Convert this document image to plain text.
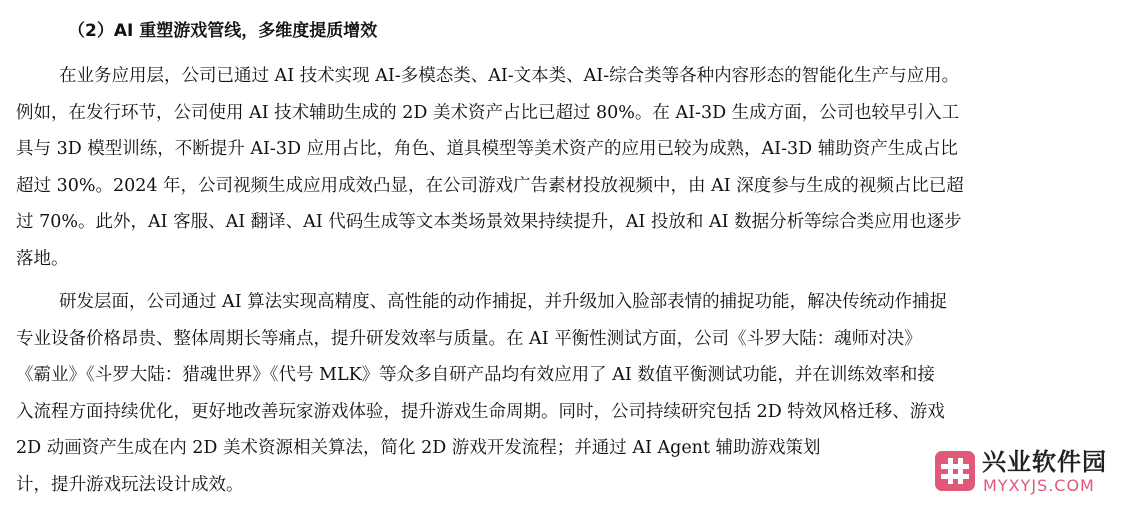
（2）AI 重塑游戏管线，多维度提质增效
在业务应用层，公司已通过 AI 技术实现 AI-多模态类、AI-文本类、AI-综合类等各种内容形态的智能化生产与应用。
例如，在发行环节，公司使用 AI 技术辅助生成的 2D 美术资产占比已超过 80%。在 AI-3D 生成方面，公司也较早引入工
具与 3D 模型训练，不断提升 AI-3D 应用占比，角色、道具模型等美术资产的应用已较为成熟，AI-3D 辅助资产生成占比
超过 30%。2024 年，公司视频生成应用成效凸显，在公司游戏广告素材投放视频中，由 AI 深度参与生成的视频占比已超
过 70%。此外，AI 客服、AI 翻译、AI 代码生成等文本类场景效果持续提升，AI 投放和 AI 数据分析等综合类应用也逐步
落地。
研发层面，公司通过 AI 算法实现高精度、高性能的动作捕捉，并升级加入脸部表情的捕捉功能，解决传统动作捕捉
专业设备价格昂贵、整体周期长等痛点，提升研发效率与质量。在 AI 平衡性测试方面，公司《斗罗大陆：魂师对决》
《霸业》《斗罗大陆：猎魂世界》《代号 MLK》等众多自研产品均有效应用了 AI 数值平衡测试功能，并在训练效率和接
入流程方面持续优化，更好地改善玩家游戏体验，提升游戏生命周期。同时，公司持续研究包括 2D 特效风格迁移、游戏
2D 动画资产生成在内 2D 美术资源相关算法，简化 2D 游戏开发流程；并通过 AI Agent 辅助游戏策划
计，提升游戏玩法设计成效。
兴业软件园
MYXYJS.COM
